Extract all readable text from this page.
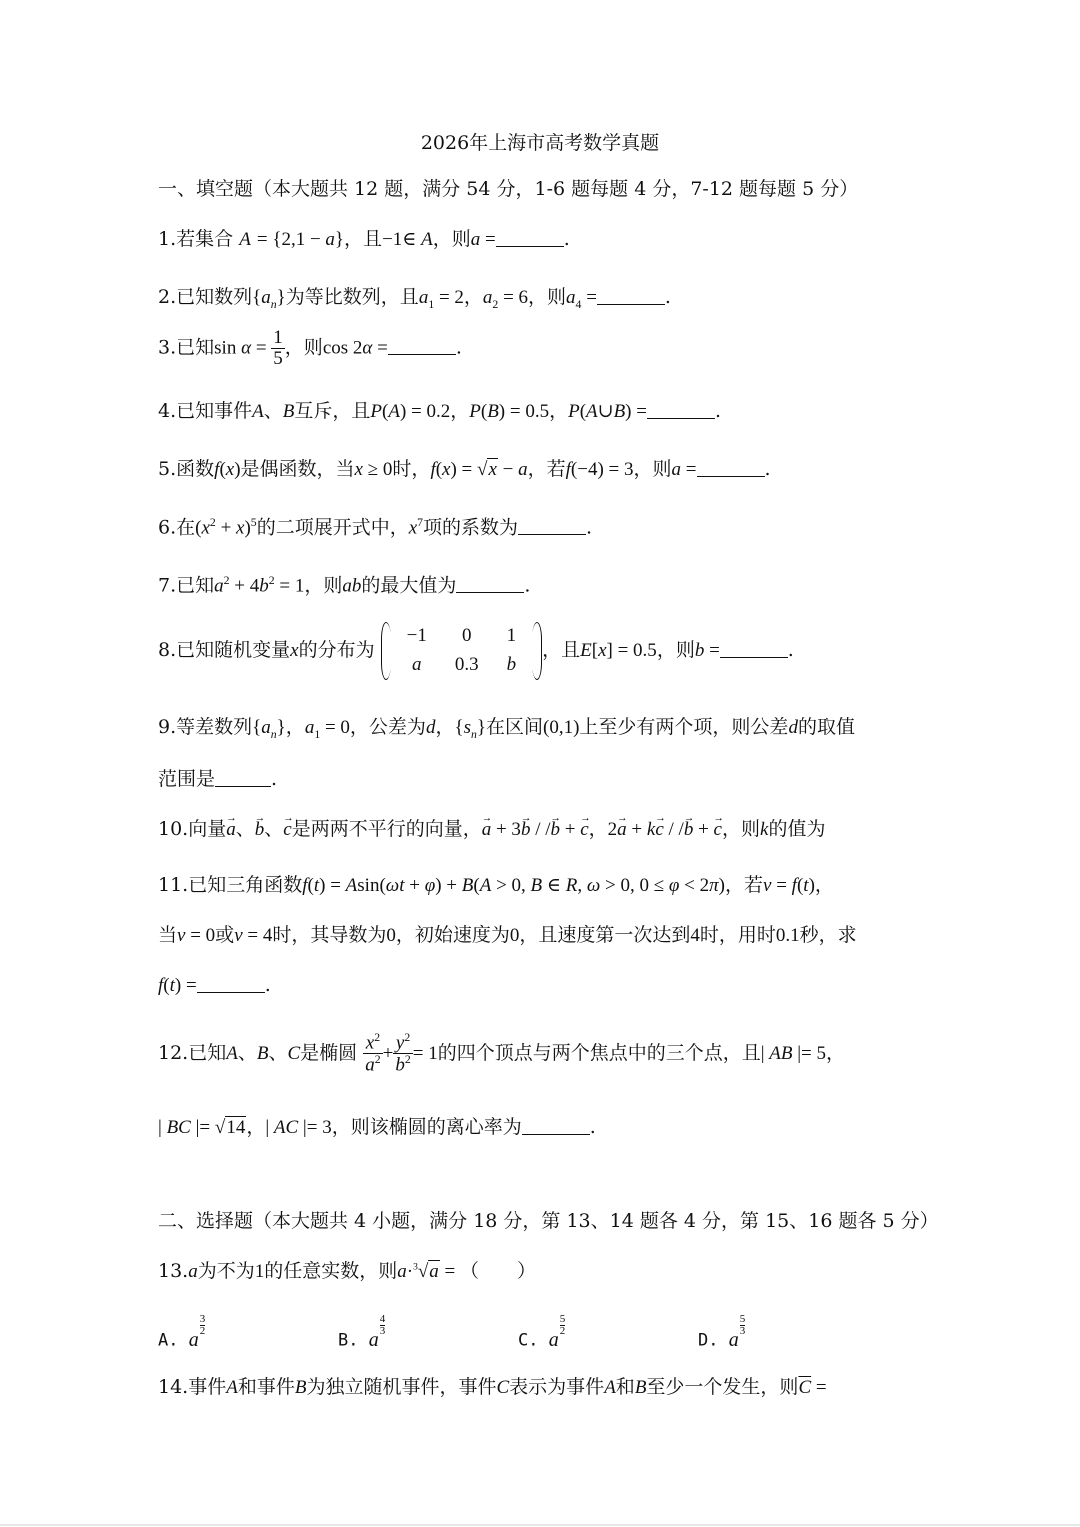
2026年上海市高考数学真题
一、填空题（本大题共 12 题，满分 54 分，1-6 题每题 4 分，7-12 题每题 5 分）
1.若集合 A = {2,1 − a}，且−1∈ A，则a =	.
2.已知数列$\{a_n\}$为等比数列，且$a_1 = 2$，$a_2 = 6$，则$a_4$ =	.
3.已知$\sin \alpha = \frac{1}{5}$ ，则cos 2α =	.
4.已知事件A、B互斥，且P(A) = 0.2，P(B) = 0.5，P(A∪B) =	.
5.函数f(x)是偶函数，当x ≥ 0时，f(x) = √x − a，若f(−4) = 3，则a =	.
6.在$(x^2 + x)^5$的二项展开式中，$x^7$项的系数为	.
7.已知$a^2 + 4b^2 = 1$，则ab的最大值为	.
8.已知随机变量x的分布为
−1	0	1
a	0.3	b
，且E[x] = 0.5，则b =	.
9.等差数列$\{a_n\}$，$a_1 = 0$，公差为d，$\{s_n\}$在区间(0,1)上至少有两个项，则公差d的取值
范围是	.
10.向量→ a、→ b、→ c是两两不平行的向量，→ a + 3→ b / /→ b + → c，2→ a + k→ c / /→ b + → c，则k的值为
11.已知三角函数f(t) = Asin(ωt + φ) + B(A > 0, B ∈ R, ω > 0, 0 ≤ φ < 2π)，若v = f(t)，
当v = 0或v = 4时，其导数为0，初始速度为0，且速度第一次达到4时，用时0.1秒，求
f(t) =	.
12.已知A、B、C是椭圆 $\frac{x^2}{a^2} + \frac{y^2}{b^2} = 1$的四个顶点与两个焦点中的三个点，且| AB |= 5，
| BC |= √14，| AC |= 3，则该椭圆的离心率为	.
二、选择题（本大题共 4 小题，满分 18 分，第 13、14 题各 4 分，第 15、16 题各 5 分）
13.a为不为1的任意实数，则a·$^3$√a = （　　）
A. a
$\frac{3}{2}$
B. a
$\frac{4}{3}$
C. a
$\frac{5}{2}$
D. a
$\frac{5}{3}$
14.事件A和事件B为独立随机事件，事件C表示为事件A和B至少一个发生，则$\overline{C}$ =
